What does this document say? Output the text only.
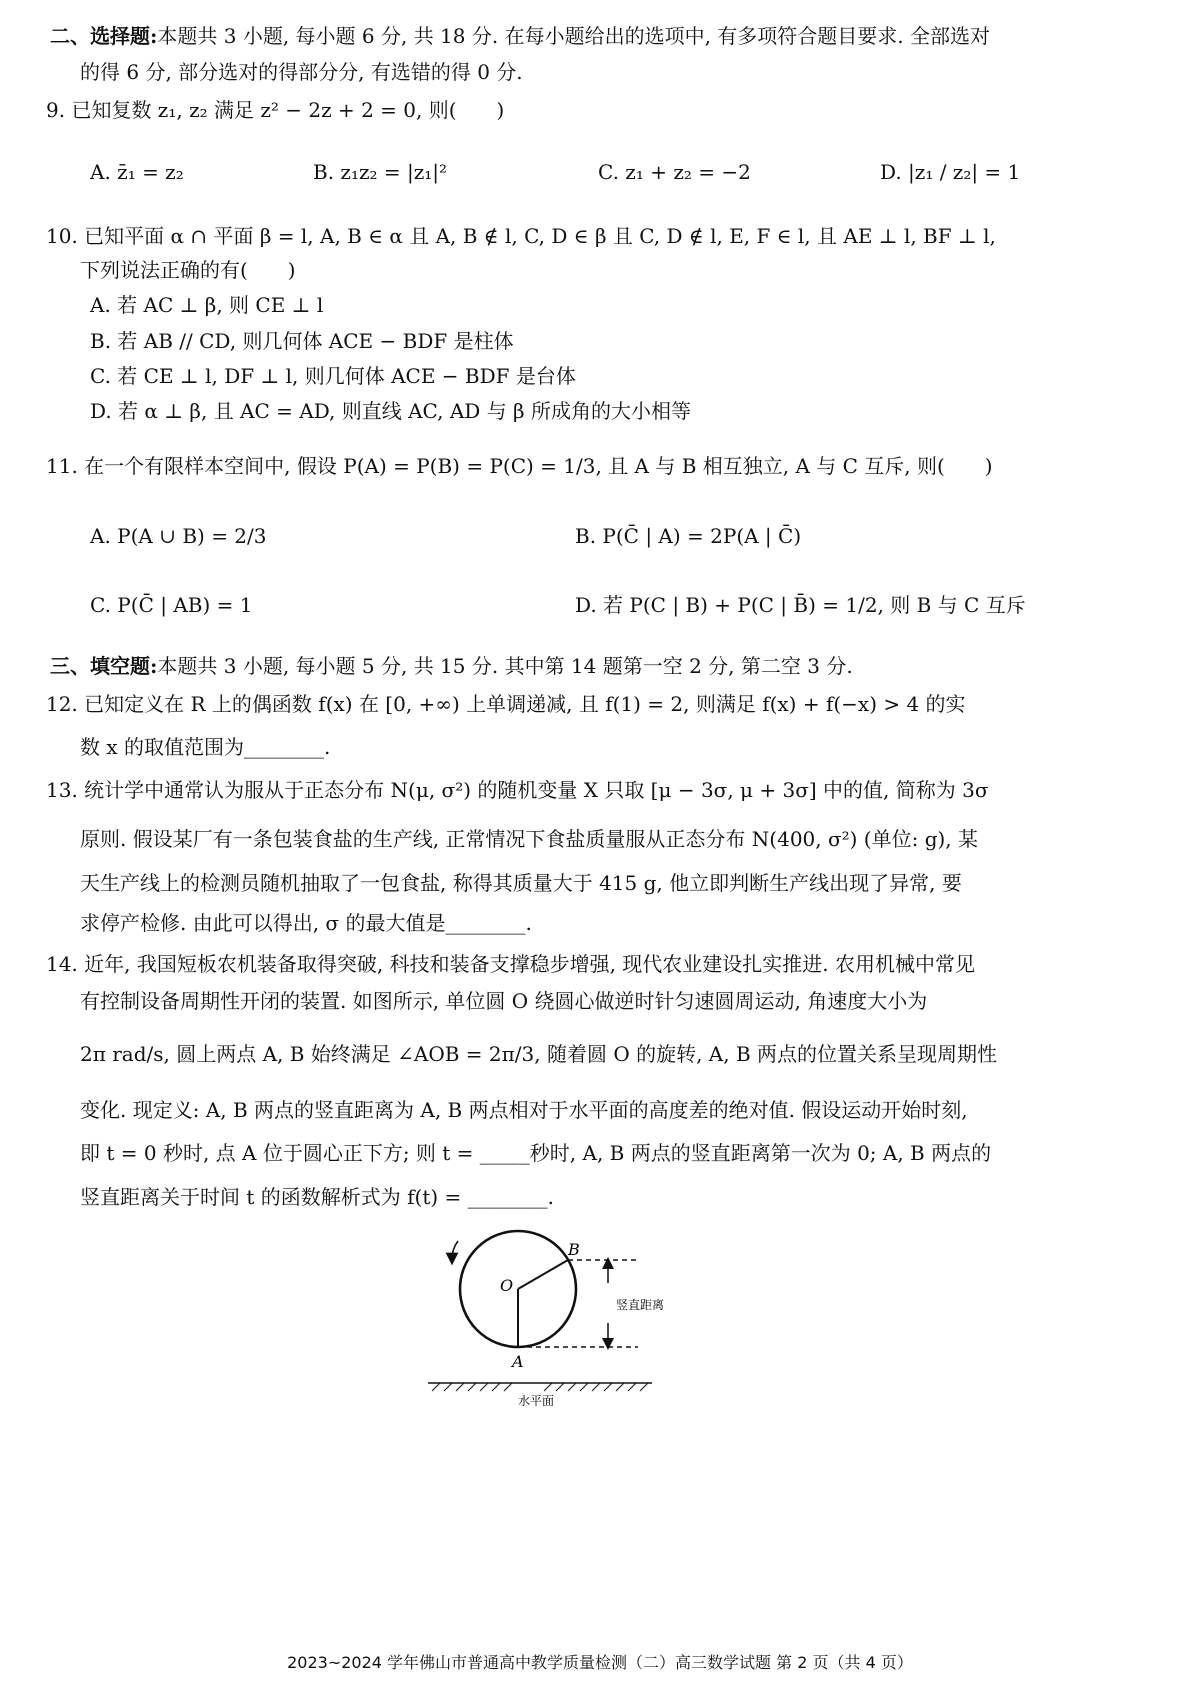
二、选择题:本题共 3 小题, 每小题 6 分, 共 18 分. 在每小题给出的选项中, 有多项符合题目要求. 全部选对
的得 6 分, 部分选对的得部分分, 有选错的得 0 分.
9. 已知复数 z₁, z₂ 满足 z² − 2z + 2 = 0, 则(　　)
A. z̄₁ = z₂	B. z₁z₂ = |z₁|²	C. z₁ + z₂ = −2	D. |z₁ / z₂| = 1
10. 已知平面 α ∩ 平面 β = l, A, B ∈ α 且 A, B ∉ l, C, D ∈ β 且 C, D ∉ l, E, F ∈ l, 且 AE ⊥ l, BF ⊥ l,
下列说法正确的有(　　)
A. 若 AC ⊥ β, 则 CE ⊥ l
B. 若 AB // CD, 则几何体 ACE − BDF 是柱体
C. 若 CE ⊥ l, DF ⊥ l, 则几何体 ACE − BDF 是台体
D. 若 α ⊥ β, 且 AC = AD, 则直线 AC, AD 与 β 所成角的大小相等
11. 在一个有限样本空间中, 假设 P(A) = P(B) = P(C) = 1/3, 且 A 与 B 相互独立, A 与 C 互斥, 则(　　)
A. P(A ∪ B) = 2/3	B. P(C̄ | A) = 2P(A | C̄)
C. P(C̄ | AB) = 1	D. 若 P(C | B) + P(C | B̄) = 1/2, 则 B 与 C 互斥
三、填空题:本题共 3 小题, 每小题 5 分, 共 15 分. 其中第 14 题第一空 2 分, 第二空 3 分.
12. 已知定义在 R 上的偶函数 f(x) 在 [0, +∞) 上单调递减, 且 f(1) = 2, 则满足 f(x) + f(−x) > 4 的实
数 x 的取值范围为________.
13. 统计学中通常认为服从于正态分布 N(μ, σ²) 的随机变量 X 只取 [μ − 3σ, μ + 3σ] 中的值, 简称为 3σ
原则. 假设某厂有一条包装食盐的生产线, 正常情况下食盐质量服从正态分布 N(400, σ²) (单位: g), 某
天生产线上的检测员随机抽取了一包食盐, 称得其质量大于 415 g, 他立即判断生产线出现了异常, 要
求停产检修. 由此可以得出, σ 的最大值是________.
14. 近年, 我国短板农机装备取得突破, 科技和装备支撑稳步增强, 现代农业建设扎实推进. 农用机械中常见
有控制设备周期性开闭的装置. 如图所示, 单位圆 O 绕圆心做逆时针匀速圆周运动, 角速度大小为
2π rad/s, 圆上两点 A, B 始终满足 ∠AOB = 2π/3, 随着圆 O 的旋转, A, B 两点的位置关系呈现周期性
变化. 现定义: A, B 两点的竖直距离为 A, B 两点相对于水平面的高度差的绝对值. 假设运动开始时刻,
即 t = 0 秒时, 点 A 位于圆心正下方; 则 t = _____秒时, A, B 两点的竖直距离第一次为 0; A, B 两点的
竖直距离关于时间 t 的函数解析式为 f(t) = ________.
O
A
B
竖直距离
水平面
2023~2024 学年佛山市普通高中教学质量检测（二）高三数学试题 第 2 页（共 4 页）
